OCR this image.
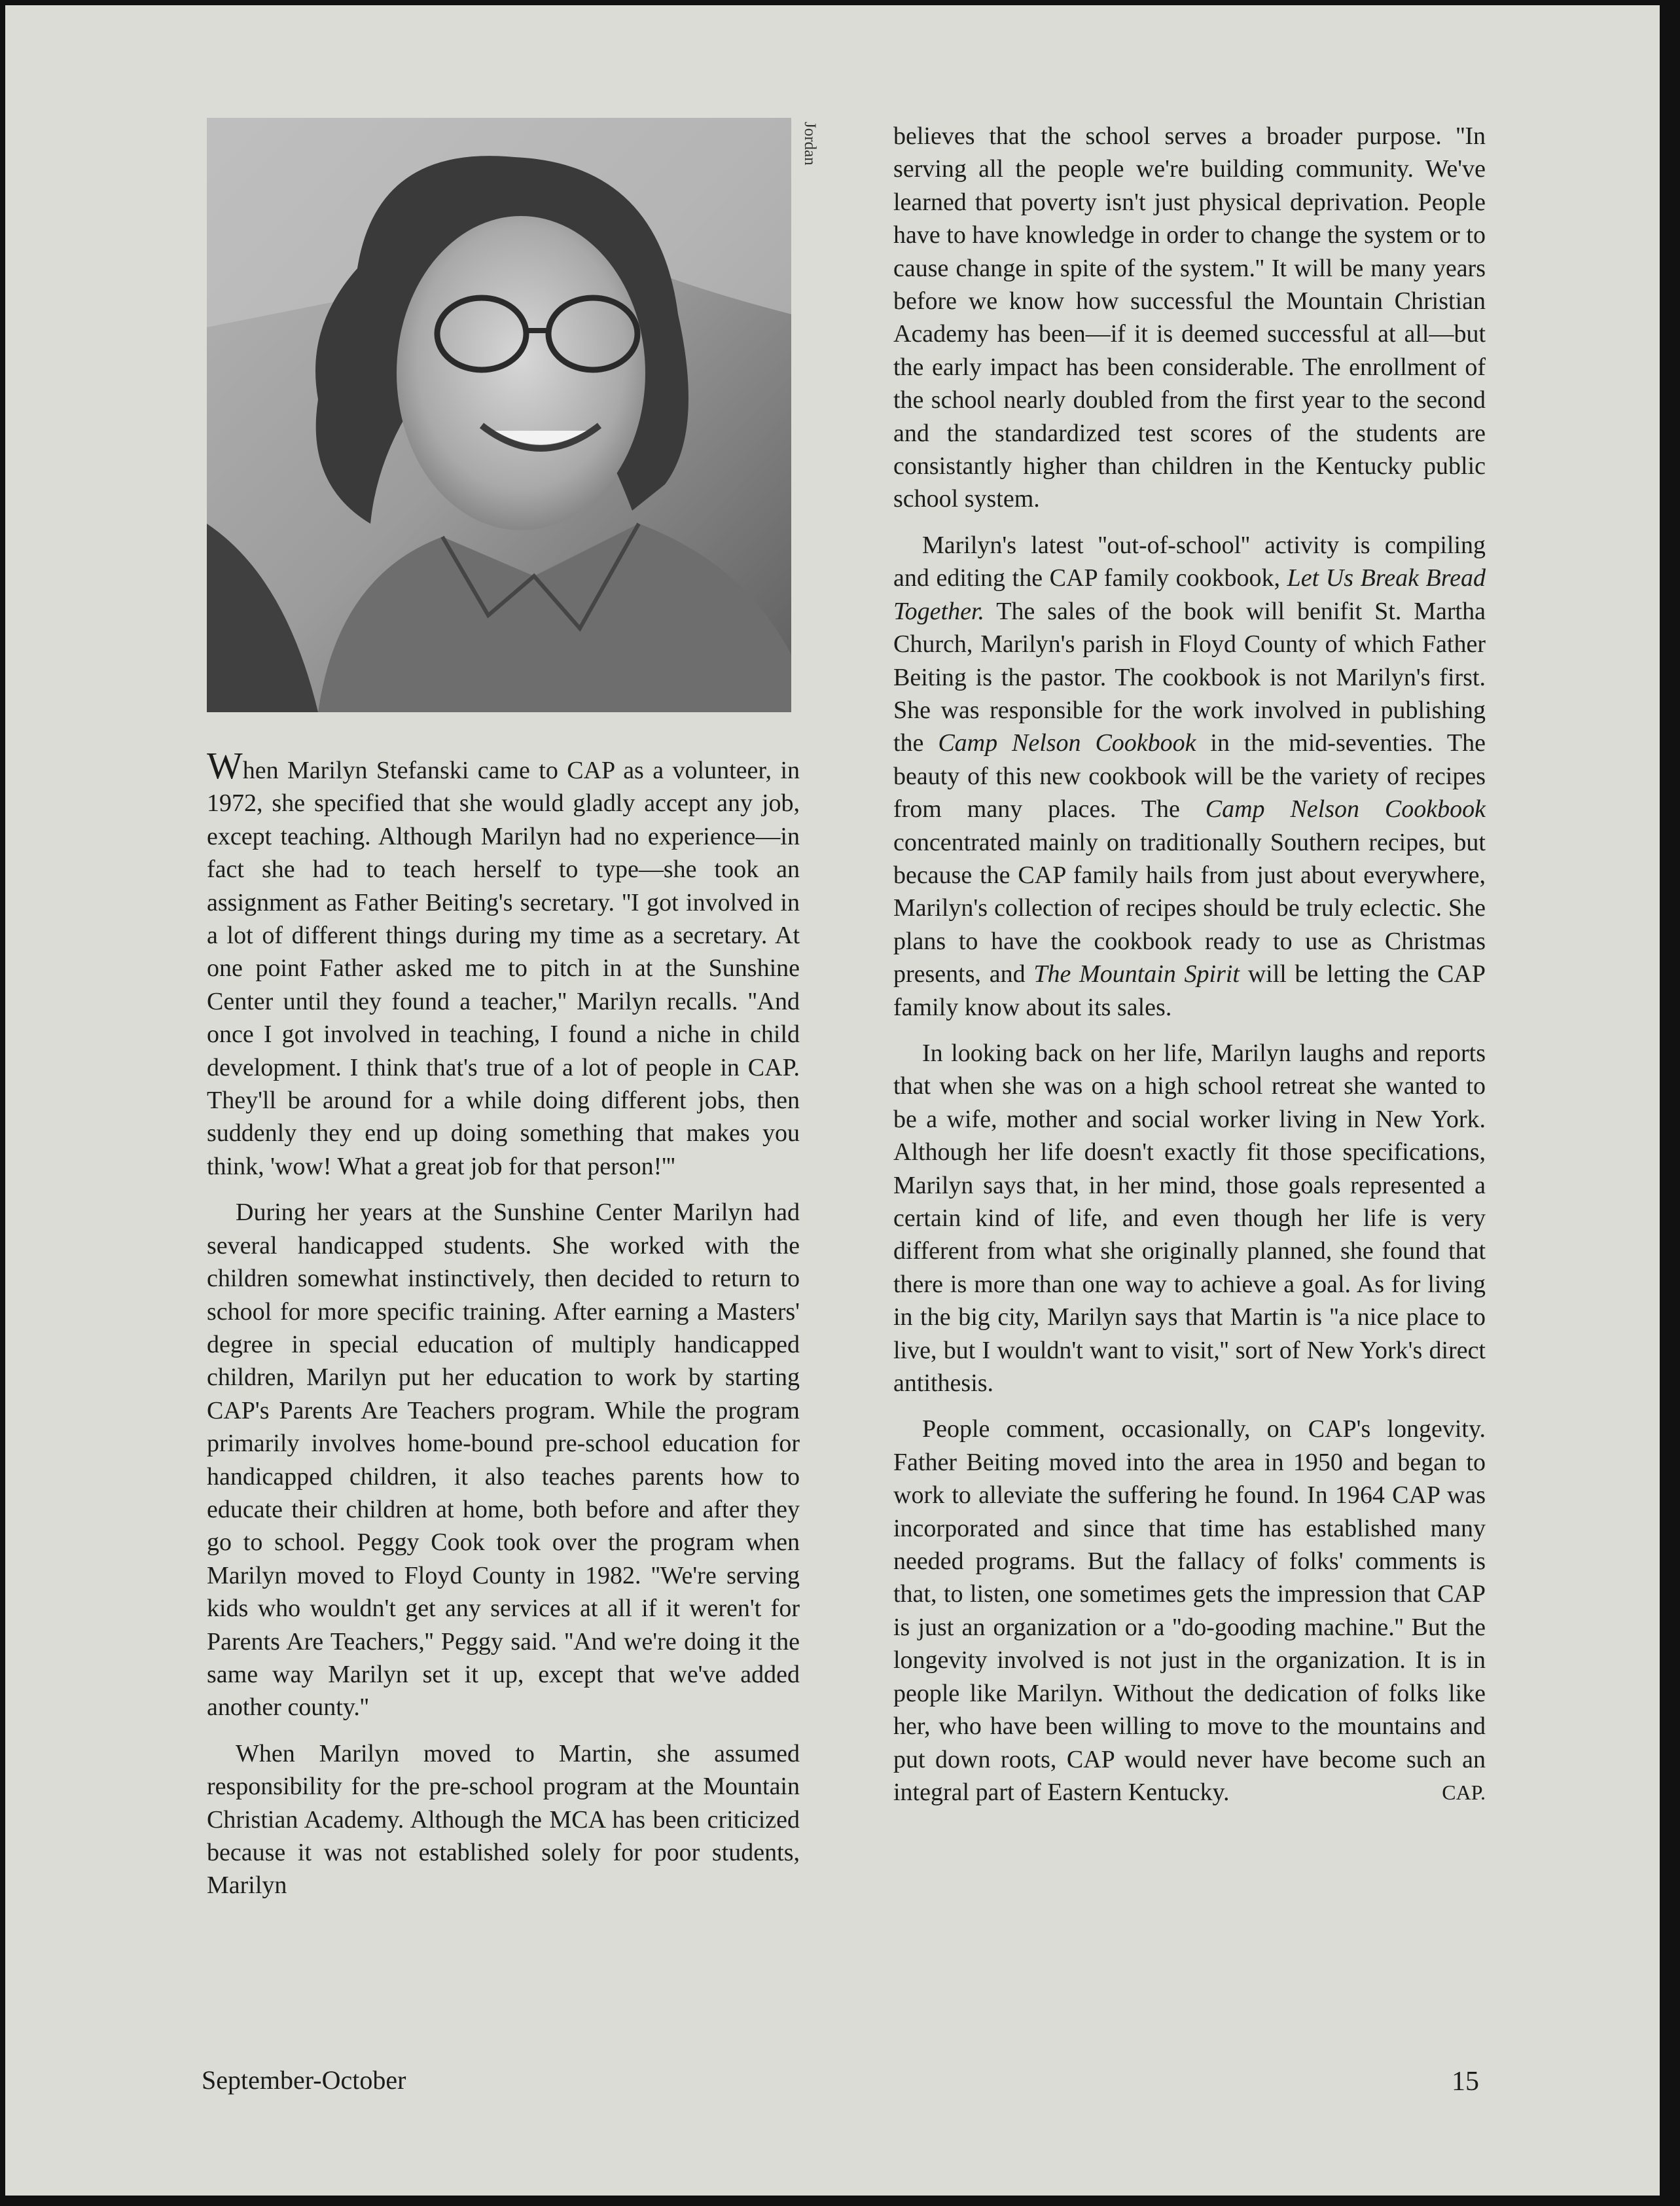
Jordan

When Marilyn Stefanski came to CAP as a volunteer, in 1972, she specified that she would gladly accept any job, except teaching. Although Marilyn had no experience—in fact she had to teach herself to type—she took an assignment as Father Beiting's secretary. ''I got involved in a lot of different things during my time as a secretary. At one point Father asked me to pitch in at the Sunshine Center until they found a teacher,'' Marilyn recalls. ''And once I got involved in teaching, I found a niche in child development. I think that's true of a lot of people in CAP. They'll be around for a while doing different jobs, then suddenly they end up doing something that makes you think, 'wow! What a great job for that person!'''

During her years at the Sunshine Center Marilyn had several handicapped students. She worked with the children somewhat instinctively, then decided to return to school for more specific training. After earning a Masters' degree in special education of multiply handicapped children, Marilyn put her education to work by starting CAP's Parents Are Teachers program. While the program primarily involves home-bound pre-school education for handicapped children, it also teaches parents how to educate their children at home, both before and after they go to school. Peggy Cook took over the program when Marilyn moved to Floyd County in 1982. ''We're serving kids who wouldn't get any services at all if it weren't for Parents Are Teachers,'' Peggy said. ''And we're doing it the same way Marilyn set it up, except that we've added another county.''

When Marilyn moved to Martin, she assumed responsibility for the pre-school program at the Mountain Christian Academy. Although the MCA has been criticized because it was not established solely for poor students, Marilyn

believes that the school serves a broader purpose. ''In serving all the people we're building community. We've learned that poverty isn't just physical deprivation. People have to have knowledge in order to change the system or to cause change in spite of the system.'' It will be many years before we know how successful the Mountain Christian Academy has been—if it is deemed successful at all—but the early impact has been considerable. The enrollment of the school nearly doubled from the first year to the second and the standardized test scores of the students are consistantly higher than children in the Kentucky public school system.

Marilyn's latest ''out-of-school'' activity is compiling and editing the CAP family cookbook, Let Us Break Bread Together. The sales of the book will benifit St. Martha Church, Marilyn's parish in Floyd County of which Father Beiting is the pastor. The cookbook is not Marilyn's first. She was responsible for the work involved in publishing the Camp Nelson Cookbook in the mid-seventies. The beauty of this new cookbook will be the variety of recipes from many places. The Camp Nelson Cookbook concentrated mainly on traditionally Southern recipes, but because the CAP family hails from just about everywhere, Marilyn's collection of recipes should be truly eclectic. She plans to have the cookbook ready to use as Christmas presents, and The Mountain Spirit will be letting the CAP family know about its sales.

In looking back on her life, Marilyn laughs and reports that when she was on a high school retreat she wanted to be a wife, mother and social worker living in New York. Although her life doesn't exactly fit those specifications, Marilyn says that, in her mind, those goals represented a certain kind of life, and even though her life is very different from what she originally planned, she found that there is more than one way to achieve a goal. As for living in the big city, Marilyn says that Martin is ''a nice place to live, but I wouldn't want to visit,'' sort of New York's direct antithesis.

People comment, occasionally, on CAP's longevity. Father Beiting moved into the area in 1950 and began to work to alleviate the suffering he found. In 1964 CAP was incorporated and since that time has established many needed programs. But the fallacy of folks' comments is that, to listen, one sometimes gets the impression that CAP is just an organization or a ''do-gooding machine.'' But the longevity involved is not just in the organization. It is in people like Marilyn. Without the dedication of folks like her, who have been willing to move to the mountains and put down roots, CAP would never have become such an integral part of Eastern Kentucky.	CAP.

September-October	15
